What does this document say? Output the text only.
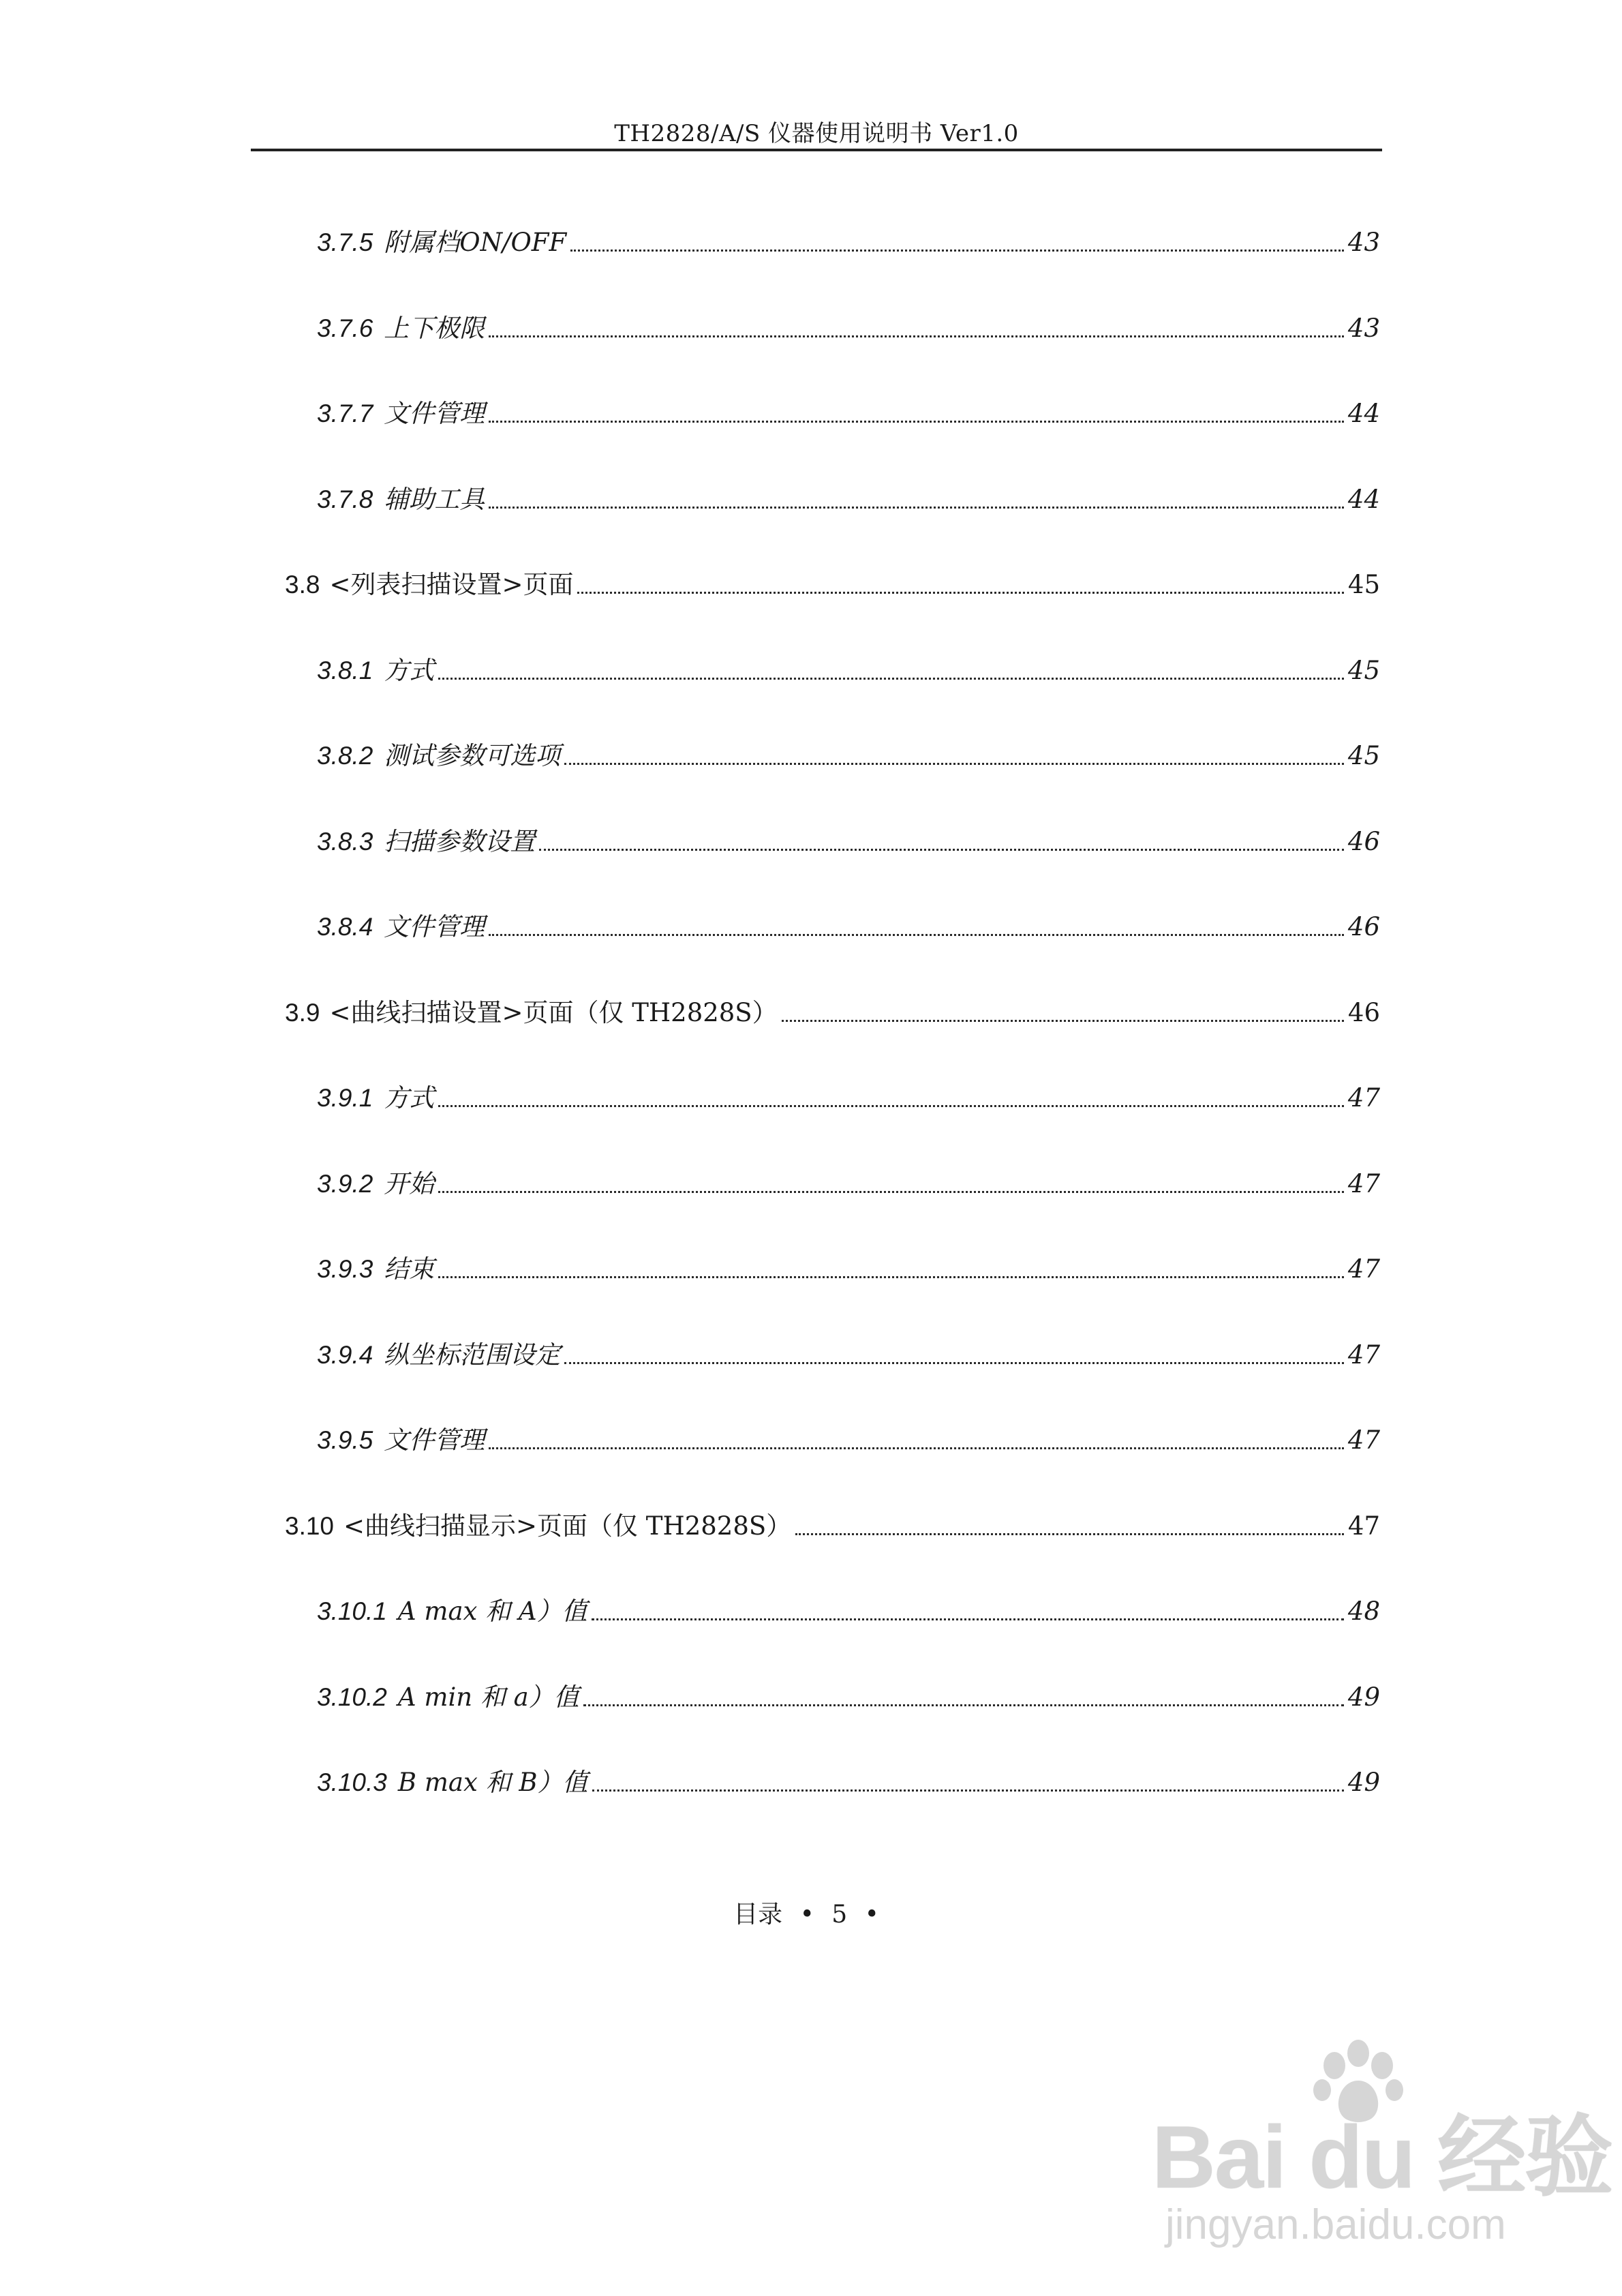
TH2828/A/S 仪器使用说明书 Ver1.0
3.7.5 附属档ON/OFF	43
3.7.6 上下极限	43
3.7.7 文件管理	44
3.7.8 辅助工具	44
3.8 <列表扫描设置>页面	45
3.8.1 方式	45
3.8.2 测试参数可选项	45
3.8.3 扫描参数设置	46
3.8.4 文件管理	46
3.9 <曲线扫描设置>页面（仅 TH2828S）	46
3.9.1 方式	47
3.9.2 开始	47
3.9.3 结束	47
3.9.4 纵坐标范围设定	47
3.9.5 文件管理	47
3.10 <曲线扫描显示>页面（仅 TH2828S）	47
3.10.1 A max 和 A）值	48
3.10.2 A min 和 a）值	49
3.10.3 B max 和 B）值	49
目录 • 5 •
Bai du 经验
jingyan.baidu.com
